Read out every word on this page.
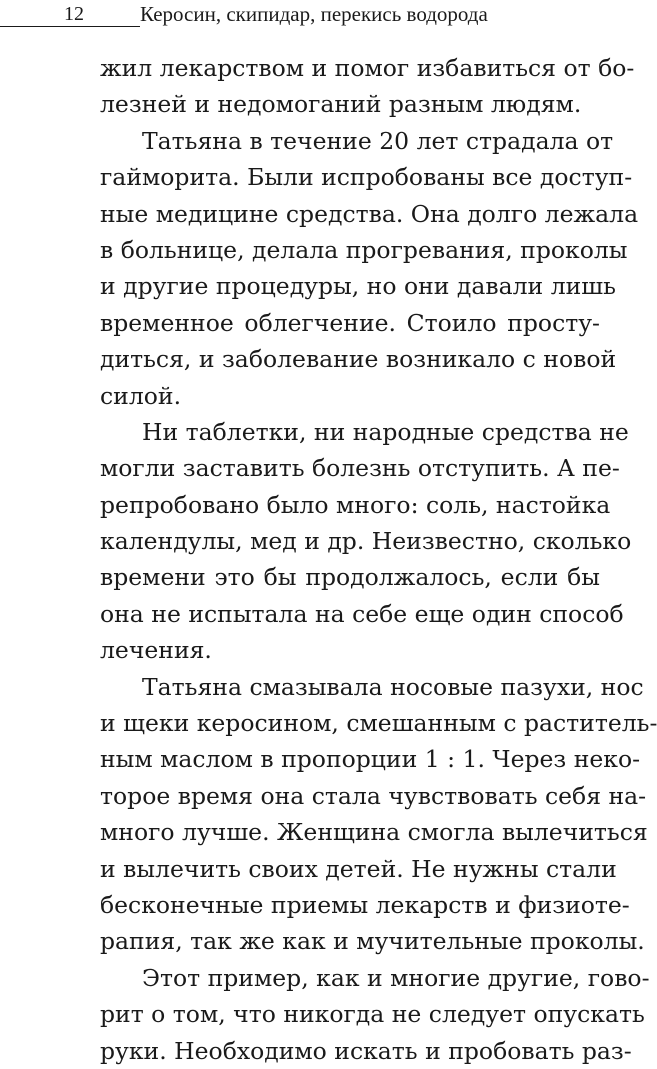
12	Керосин, скипидар, перекись водорода
жил лекарством и помог избавиться от бо-
лезней и недомоганий разным людям.
Татьяна в течение 20 лет страдала от
гайморита. Были испробованы все доступ-
ные медицине средства. Она долго лежала
в больнице, делала прогревания, проколы
и другие процедуры, но они давали лишь
временное облегчение. Стоило просту-
диться, и заболевание возникало с новой
силой.
Ни таблетки, ни народные средства не
могли заставить болезнь отступить. А пе-
репробовано было много: соль, настойка
календулы, мед и др. Неизвестно, сколько
времени это бы продолжалось, если бы
она не испытала на себе еще один способ
лечения.
Татьяна смазывала носовые пазухи, нос
и щеки керосином, смешанным с раститель-
ным маслом в пропорции 1 : 1. Через неко-
торое время она стала чувствовать себя на-
много лучше. Женщина смогла вылечиться
и вылечить своих детей. Не нужны стали
бесконечные приемы лекарств и физиоте-
рапия, так же как и мучительные проколы.
Этот пример, как и многие другие, гово-
рит о том, что никогда не следует опускать
руки. Необходимо искать и пробовать раз-
